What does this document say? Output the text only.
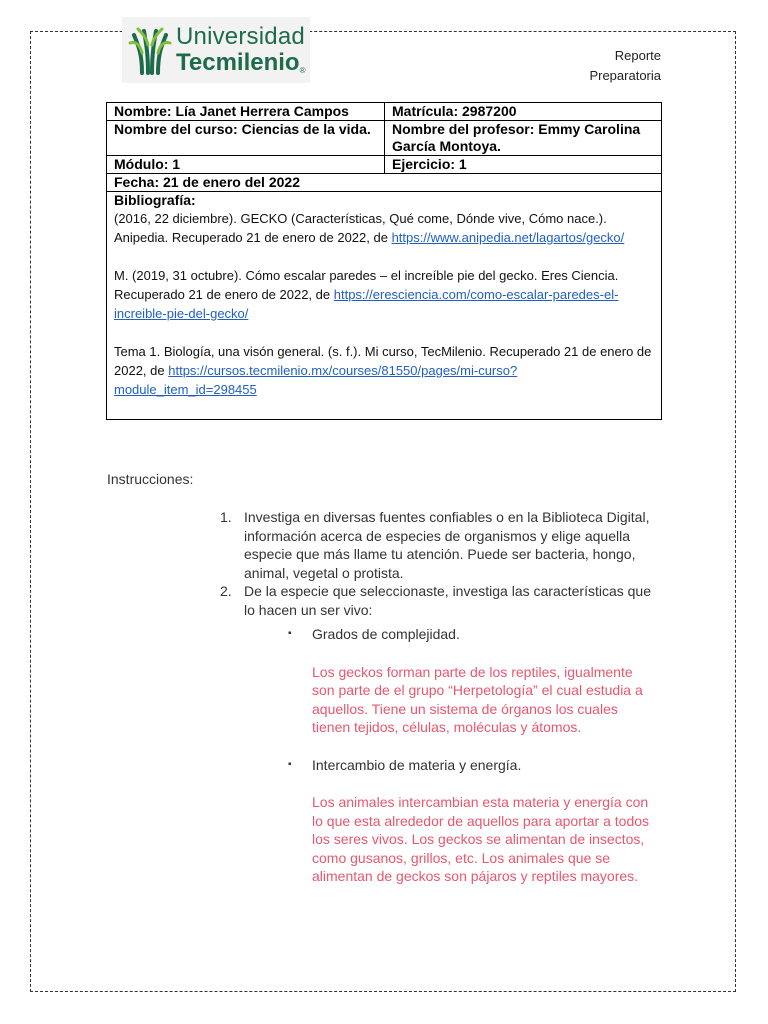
Universidad
Tecmilenio®
Reporte
Preparatoria
Nombre: Lía Janet Herrera Campos	Matrícula: 2987200
Nombre del curso: Ciencias de la vida.	Nombre del profesor: Emmy Carolina García Montoya.
Módulo: 1	Ejercicio: 1
Fecha: 21 de enero del 2022	

Bibliografía:
(2016, 22 diciembre). GECKO (Características, Qué come, Dónde vive, Cómo nace.). Anipedia. Recuperado 21 de enero de 2022, de https://www.anipedia.net/lagartos/gecko/
M. (2019, 31 octubre). Cómo escalar paredes – el increíble pie del gecko. Eres Ciencia. Recuperado 21 de enero de 2022, de https://eresciencia.com/como-escalar-paredes-el-increible-pie-del-gecko/
Tema 1. Biología, una visón general. (s. f.). Mi curso, TecMilenio. Recuperado 21 de enero de 2022, de https://cursos.tecmilenio.mx/courses/81550/pages/mi-curso?module_item_id=298455	
Instrucciones:
1. Investiga en diversas fuentes confiables o en la Biblioteca Digital, información acerca de especies de organismos y elige aquella especie que más llame tu atención. Puede ser bacteria, hongo, animal, vegetal o protista.
2. De la especie que seleccionaste, investiga las características que lo hacen un ser vivo:
▪	Grados de complejidad.
Los geckos forman parte de los reptiles, igualmente son parte de el grupo “Herpetología” el cual estudia a aquellos. Tiene un sistema de órganos los cuales tienen tejidos, células, moléculas y átomos.
▪	Intercambio de materia y energía.
Los animales intercambian esta materia y energía con lo que esta alrededor de aquellos para aportar a todos los seres vivos. Los geckos se alimentan de insectos, como gusanos, grillos, etc. Los animales que se alimentan de geckos son pájaros y reptiles mayores.
